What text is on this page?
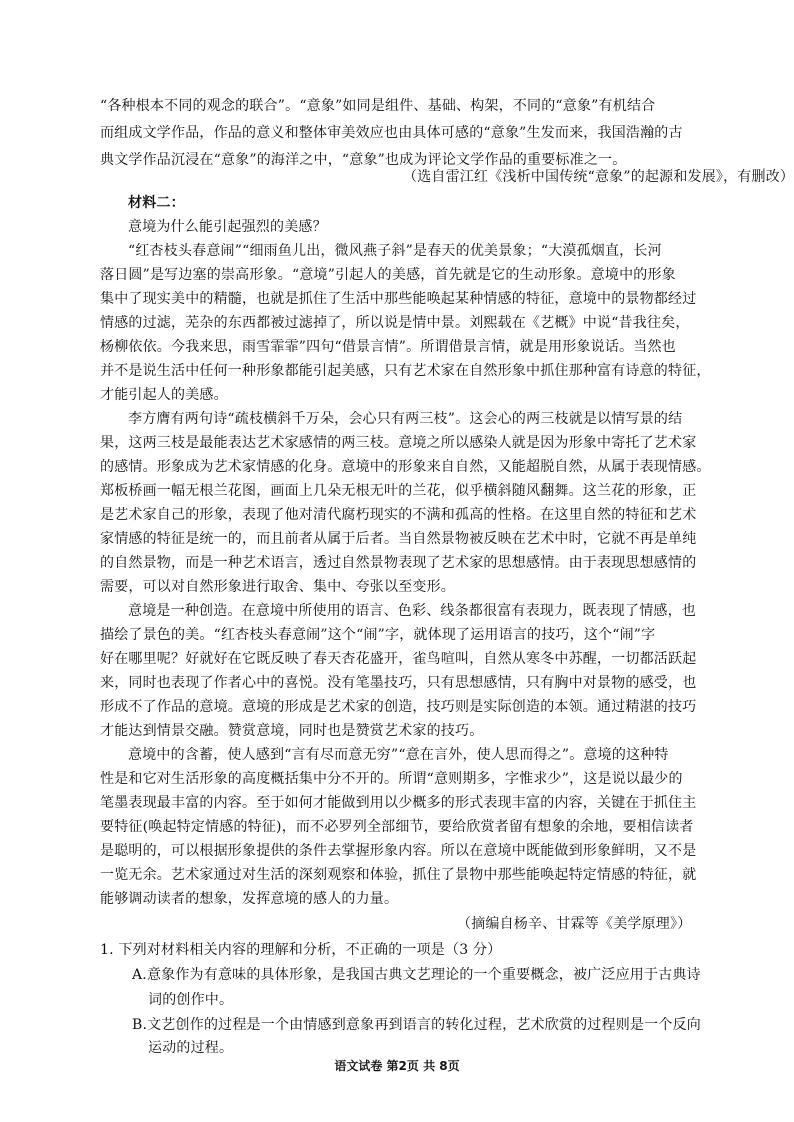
“各种根本不同的观念的联合”。“意象”如同是组件、基础、构架，不同的“意象”有机结合
而组成文学作品，作品的意义和整体审美效应也由具体可感的“意象”生发而来，我国浩瀚的古
典文学作品沉浸在“意象”的海洋之中，“意象”也成为评论文学作品的重要标准之一。
（选自雷江红《浅析中国传统“意象”的起源和发展》，有删改）
材料二：
意境为什么能引起强烈的美感？
“红杏枝头春意闹”“细雨鱼儿出，微风燕子斜”是春天的优美景象；“大漠孤烟直，长河
落日圆”是写边塞的崇高形象。“意境”引起人的美感，首先就是它的生动形象。意境中的形象
集中了现实美中的精髓，也就是抓住了生活中那些能唤起某种情感的特征，意境中的景物都经过
情感的过滤，芜杂的东西都被过滤掉了，所以说是情中景。刘熙载在《艺概》中说“昔我往矣，
杨柳依依。今我来思，雨雪霏霏”四句“借景言情”。所谓借景言情，就是用形象说话。当然也
并不是说生活中任何一种形象都能引起美感，只有艺术家在自然形象中抓住那种富有诗意的特征，
才能引起人的美感。
李方膺有两句诗“疏枝横斜千万朵，会心只有两三枝”。这会心的两三枝就是以情写景的结
果，这两三枝是最能表达艺术家感情的两三枝。意境之所以感染人就是因为形象中寄托了艺术家
的感情。形象成为艺术家情感的化身。意境中的形象来自自然，又能超脱自然，从属于表现情感。
郑板桥画一幅无根兰花图，画面上几朵无根无叶的兰花，似乎横斜随风翻舞。这兰花的形象，正
是艺术家自己的形象，表现了他对清代腐朽现实的不满和孤高的性格。在这里自然的特征和艺术
家情感的特征是统一的，而且前者从属于后者。当自然景物被反映在艺术中时，它就不再是单纯
的自然景物，而是一种艺术语言，透过自然景物表现了艺术家的思想感情。由于表现思想感情的
需要，可以对自然形象进行取舍、集中、夸张以至变形。
意境是一种创造。在意境中所使用的语言、色彩、线条都很富有表现力，既表现了情感，也
描绘了景色的美。“红杏枝头春意闹”这个“闹”字，就体现了运用语言的技巧，这个“闹”字
好在哪里呢？好就好在它既反映了春天杏花盛开，雀鸟喧叫，自然从寒冬中苏醒，一切都活跃起
来，同时也表现了作者心中的喜悦。没有笔墨技巧，只有思想感情，只有胸中对景物的感受，也
形成不了作品的意境。意境的形成是艺术家的创造，技巧则是实际创造的本领。通过精湛的技巧
才能达到情景交融。赞赏意境，同时也是赞赏艺术家的技巧。
意境中的含蓄，使人感到“言有尽而意无穷”“意在言外，使人思而得之”。意境的这种特
性是和它对生活形象的高度概括集中分不开的。所谓“意则期多，字惟求少”，这是说以最少的
笔墨表现最丰富的内容。至于如何才能做到用以少概多的形式表现丰富的内容，关键在于抓住主
要特征(唤起特定情感的特征)，而不必罗列全部细节，要给欣赏者留有想象的余地，要相信读者
是聪明的，可以根据形象提供的条件去掌握形象内容。所以在意境中既能做到形象鲜明，又不是
一览无余。艺术家通过对生活的深刻观察和体验，抓住了景物中那些能唤起特定情感的特征，就
能够调动读者的想象，发挥意境的感人的力量。
（摘编自杨辛、甘霖等《美学原理》）
1. 下列对材料相关内容的理解和分析，不正确的一项是（3 分）
A.意象作为有意味的具体形象，是我国古典文艺理论的一个重要概念，被广泛应用于古典诗
词的创作中。
B.文艺创作的过程是一个由情感到意象再到语言的转化过程，艺术欣赏的过程则是一个反向
运动的过程。
语文试卷 第2页 共 8页
